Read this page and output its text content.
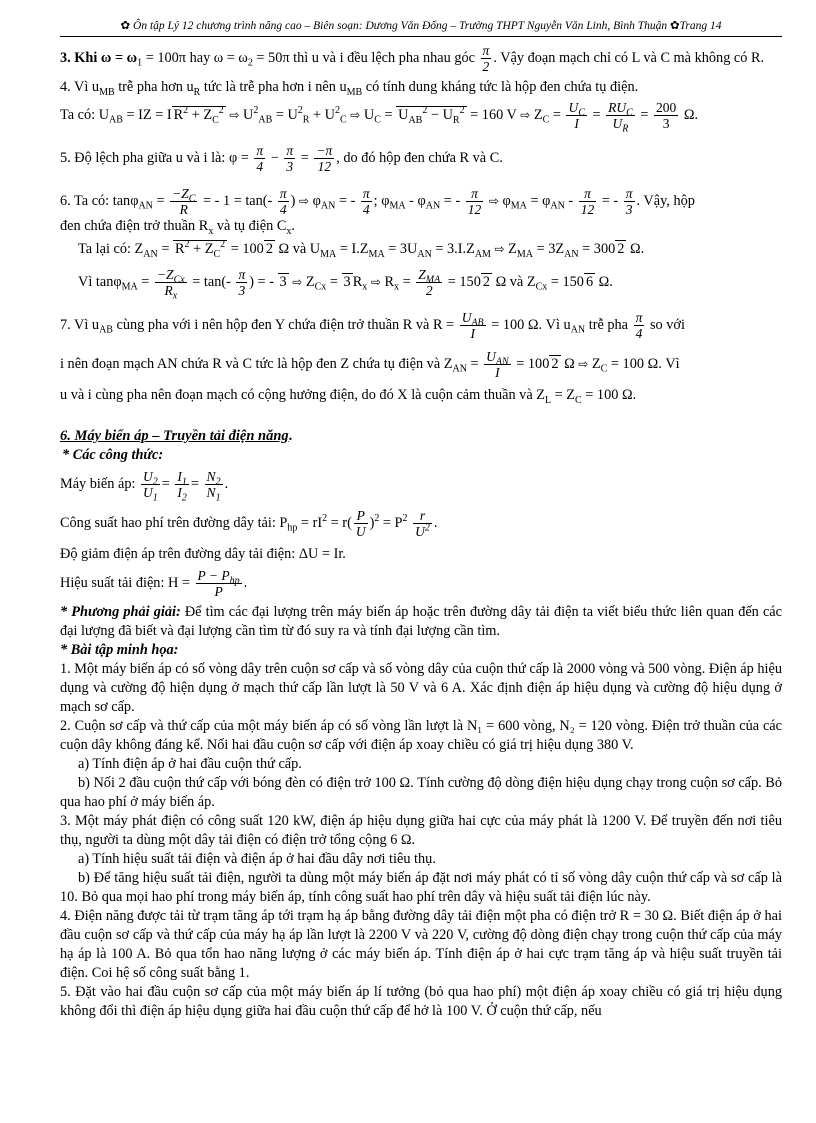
✿ Ôn tập Lý 12 chương trình nâng cao – Biên soạn: Dương Văn Đổng – Trường THPT Nguyễn Văn Linh, Bình Thuận ✿Trang 14

3. Khi $\omega = \omega_1 = 100\pi$ hay $\omega = \omega_2 = 50\pi$ thì u và i đều lệch pha nhau góc $\frac{\pi}{2}$ . Vậy đoạn mạch chỉ có L và C mà không có R.

4. Vì $u_{MB}$ trễ pha hơn $u_R$ tức là trễ pha hơn i nên $u_{MB}$ có tính dung kháng tức là hộp đen chứa tụ điện.

Ta có: $U_{AB}$ = IZ = I $R^2 + Z_C^2$ ⇨ $U^2_{AB} = U^2_R + U^2_C$ ⇨ $U_C = U_{AB}^2 - U_R^2 = 160$ V ⇨ $Z_C = \frac{U_C}{I} = \frac{RU_C}{U_R} = \frac{200}{3} \Omega$.

5. Độ lệch pha giữa u và i là: $\varphi = \frac{\pi}{4} - \frac{\pi}{3} = \frac{-\pi}{12}$ , do đó hộp đen chứa R và C.

6. Ta có: $\tan\varphi_{AN} = \frac{-Z_C}{R}$ = - $1 = \tan(- \frac{\pi}{4}$ ) ⇨ $\varphi_{AN}$ = - $\frac{\pi}{4}$ ; $\varphi_{MA} - \varphi_{AN}$ = - $\frac{\pi}{12}$ ⇨ $\varphi_{MA} = \varphi_{AN} - \frac{\pi}{12}$ = - $\frac{\pi}{3}$ . Vậy, hộp

đen chứa điện trở thuần $R_x$ và tụ điện $C_x$.

Ta lại có: $Z_{AN} = R^2 + Z_C^2 = 100$ 2 Ω và $U_{MA} = I.Z_{MA} = 3U_{AN} = 3.I.Z_{AM}$ ⇨ $Z_{MA} = 3Z_{AN} = 300$ 2 Ω.

Vì $\tan\varphi_{MA} = \frac{-Z_{Cx}}{R_x} = \tan(- \frac{\pi}{3}$ ) = - 3 ⇨ $Z_{Cx} = 3$ $R_x$ ⇨ $R_x = \frac{Z_{MA}}{2} = 150$ 2 Ω và $Z_{Cx} = 150$ 6 Ω.

7. Vì $u_{AB}$ cùng pha với i nên hộp đen Y chứa điện trở thuần R và $R = \frac{U_{AB}}{I} = 100$ Ω. Vì $u_{AN}$ trễ pha $\frac{\pi}{4}$ so với

i nên đoạn mạch AN chứa R và C tức là hộp đen Z chứa tụ điện và $Z_{AN} = \frac{U_{AN}}{I} = 100$ 2 Ω ⇨ $Z_C = 100$ Ω. Vì

u và i cùng pha nên đoạn mạch có cộng hưởng điện, do đó X là cuộn cảm thuần và $Z_L = Z_C = 100$ Ω.

6. Máy biến áp – Truyền tải điện năng.

* Các công thức:

Máy biến áp: $\frac{U_2}{U_1} = \frac{I_1}{I_2} = \frac{N_2}{N_1}$ .

Công suất hao phí trên đường dây tải: $P_{hp} = rI^2 = r( \frac{P}{U} )^2 = P^2 \frac{r}{U^2}$ .

Độ giảm điện áp trên đường dây tải điện: ΔU = Ir.

Hiệu suất tải điện: $H = \frac{P - P_{hp}}{P}$ .

* Phương phải giải: Để tìm các đại lượng trên máy biến áp hoặc trên đường dây tải điện ta viết biểu thức liên quan đến các đại lượng đã biết và đại lượng cần tìm từ đó suy ra và tính đại lượng cần tìm.

* Bài tập minh họa:

1. Một máy biến áp có số vòng dây trên cuộn sơ cấp và số vòng dây của cuộn thứ cấp là 2000 vòng và 500 vòng. Điện áp hiệu dụng và cường độ hiện dụng ở mạch thứ cấp lần lượt là 50 V và 6 A. Xác định điện áp hiệu dụng và cường độ hiệu dụng ở mạch sơ cấp.

2. Cuộn sơ cấp và thứ cấp của một máy biến áp có số vòng lần lượt là N₁ = 600 vòng, N₂ = 120 vòng. Điện trở thuần của các cuộn dây không đáng kể. Nối hai đầu cuộn sơ cấp với điện áp xoay chiều có giá trị hiệu dụng 380 V.

a) Tính điện áp ở hai đầu cuộn thứ cấp.

b) Nối 2 đầu cuộn thứ cấp với bóng đèn có điện trở 100 Ω. Tính cường độ dòng điện hiệu dụng chạy trong cuộn sơ cấp. Bỏ qua hao phí ở máy biến áp.

3. Một máy phát điện có công suất 120 kW, điện áp hiệu dụng giữa hai cực của máy phát là 1200 V. Để truyền đến nơi tiêu thụ, người ta dùng một dây tải điện có điện trở tổng cộng 6 Ω.

a) Tính hiệu suất tải điện và điện áp ở hai đầu dây nơi tiêu thụ.

b) Để tăng hiệu suất tải điện, người ta dùng một máy biến áp đặt nơi máy phát có tỉ số vòng dây cuộn thứ cấp và sơ cấp là 10. Bỏ qua mọi hao phí trong máy biến áp, tính công suất hao phí trên dây và hiệu suất tải điện lúc này.

4. Điện năng được tải từ trạm tăng áp tới trạm hạ áp bằng đường dây tải điện một pha có điện trở R = 30 Ω. Biết điện áp ở hai đầu cuộn sơ cấp và thứ cấp của máy hạ áp lần lượt là 2200 V và 220 V, cường độ dòng điện chạy trong cuộn thứ cấp của máy hạ áp là 100 A. Bỏ qua tổn hao năng lượng ở các máy biến áp. Tính điện áp ở hai cực trạm tăng áp và hiệu suất truyền tải điện. Coi hệ số công suất bằng 1.

5. Đặt vào hai đầu cuộn sơ cấp của một máy biến áp lí tưởng (bỏ qua hao phí) một điện áp xoay chiều có giá trị hiệu dụng không đổi thì điện áp hiệu dụng giữa hai đầu cuộn thứ cấp để hở là 100 V. Ở cuộn thứ cấp, nếu
